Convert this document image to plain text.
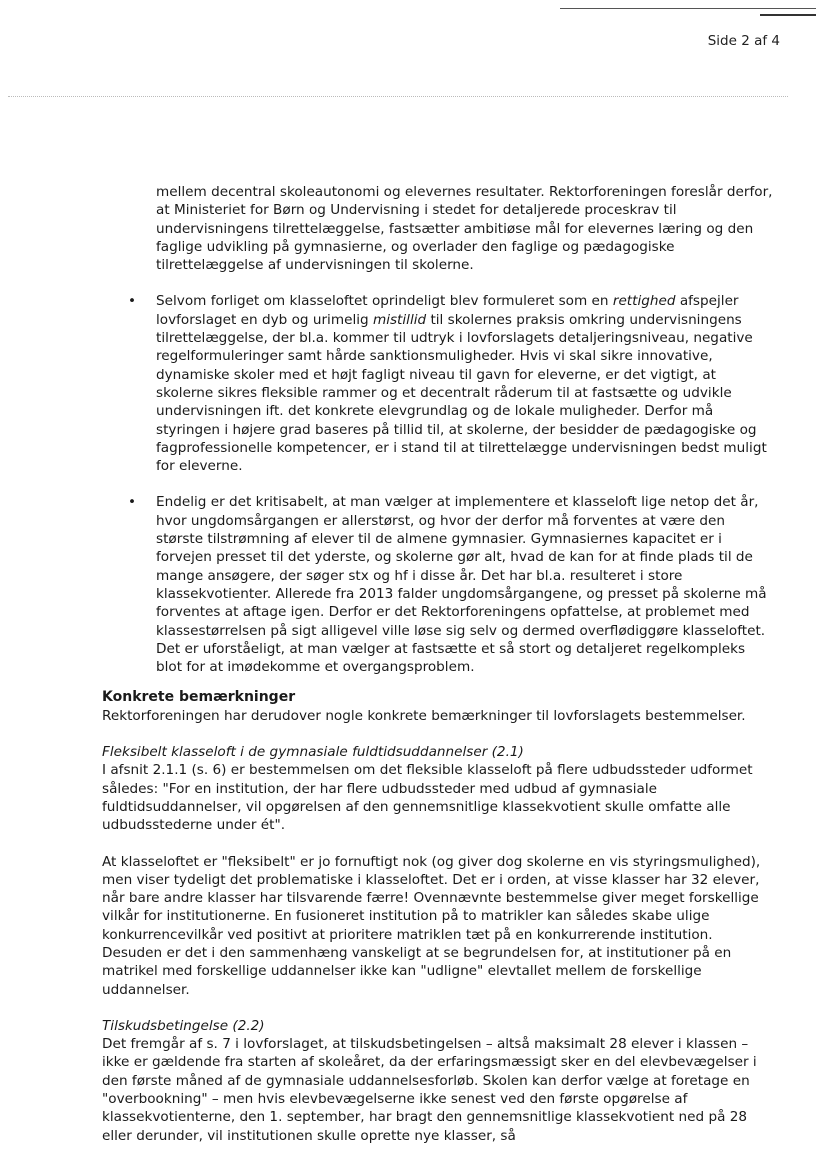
Side 2 af 4

mellem decentral skoleautonomi og elevernes resultater. Rektorforeningen foreslår derfor, at Ministeriet for Børn og Undervisning i stedet for detaljerede proceskrav til undervisningens tilrettelæggelse, fastsætter ambitiøse mål for elevernes læring og den faglige udvikling på gymnasierne, og overlader den faglige og pædagogiske tilrettelæggelse af undervisningen til skolerne.

• Selvom forliget om klasseloftet oprindeligt blev formuleret som en rettighed afspejler lovforslaget en dyb og urimelig mistillid til skolernes praksis omkring undervisningens tilrettelæggelse, der bl.a. kommer til udtryk i lovforslagets detaljeringsniveau, negative regelformuleringer samt hårde sanktionsmuligheder. Hvis vi skal sikre innovative, dynamiske skoler med et højt fagligt niveau til gavn for eleverne, er det vigtigt, at skolerne sikres fleksible rammer og et decentralt råderum til at fastsætte og udvikle undervisningen ift. det konkrete elevgrundlag og de lokale muligheder. Derfor må styringen i højere grad baseres på tillid til, at skolerne, der besidder de pædagogiske og fagprofessionelle kompetencer, er i stand til at tilrettelægge undervisningen bedst muligt for eleverne.
• Endelig er det kritisabelt, at man vælger at implementere et klasseloft lige netop det år, hvor ungdomsårgangen er allerstørst, og hvor der derfor må forventes at være den største tilstrømning af elever til de almene gymnasier. Gymnasiernes kapacitet er i forvejen presset til det yderste, og skolerne gør alt, hvad de kan for at finde plads til de mange ansøgere, der søger stx og hf i disse år. Det har bl.a. resulteret i store klassekvotienter. Allerede fra 2013 falder ungdomsårgangene, og presset på skolerne må forventes at aftage igen. Derfor er det Rektorforeningens opfattelse, at problemet med klassestørrelsen på sigt alligevel ville løse sig selv og dermed overflødiggøre klasseloftet. Det er uforståeligt, at man vælger at fastsætte et så stort og detaljeret regelkompleks blot for at imødekomme et overgangsproblem.

Konkrete bemærkninger

Rektorforeningen har derudover nogle konkrete bemærkninger til lovforslagets bestemmelser.

Fleksibelt klasseloft i de gymnasiale fuldtidsuddannelser (2.1)

I afsnit 2.1.1 (s. 6) er bestemmelsen om det fleksible klasseloft på flere udbudssteder udformet således: "For en institution, der har flere udbudssteder med udbud af gymnasiale fuldtidsuddannelser, vil opgørelsen af den gennemsnitlige klassekvotient skulle omfatte alle udbudsstederne under ét".

At klasseloftet er "fleksibelt" er jo fornuftigt nok (og giver dog skolerne en vis styringsmulighed), men viser tydeligt det problematiske i klasseloftet. Det er i orden, at visse klasser har 32 elever, når bare andre klasser har tilsvarende færre! Ovennævnte bestemmelse giver meget forskellige vilkår for institutionerne. En fusioneret institution på to matrikler kan således skabe ulige konkurrencevilkår ved positivt at prioritere matriklen tæt på en konkurrerende institution. Desuden er det i den sammenhæng vanskeligt at se begrundelsen for, at institutioner på en matrikel med forskellige uddannelser ikke kan "udligne" elevtallet mellem de forskellige uddannelser.

Tilskudsbetingelse (2.2)

Det fremgår af s. 7 i lovforslaget, at tilskudsbetingelsen – altså maksimalt 28 elever i klassen – ikke er gældende fra starten af skoleåret, da der erfaringsmæssigt sker en del elevbevægelser i den første måned af de gymnasiale uddannelsesforløb. Skolen kan derfor vælge at foretage en "overbookning" – men hvis elevbevægelserne ikke senest ved den første opgørelse af klassekvotienterne, den 1. september, har bragt den gennemsnitlige klassekvotient ned på 28 eller derunder, vil institutionen skulle oprette nye klasser, så
